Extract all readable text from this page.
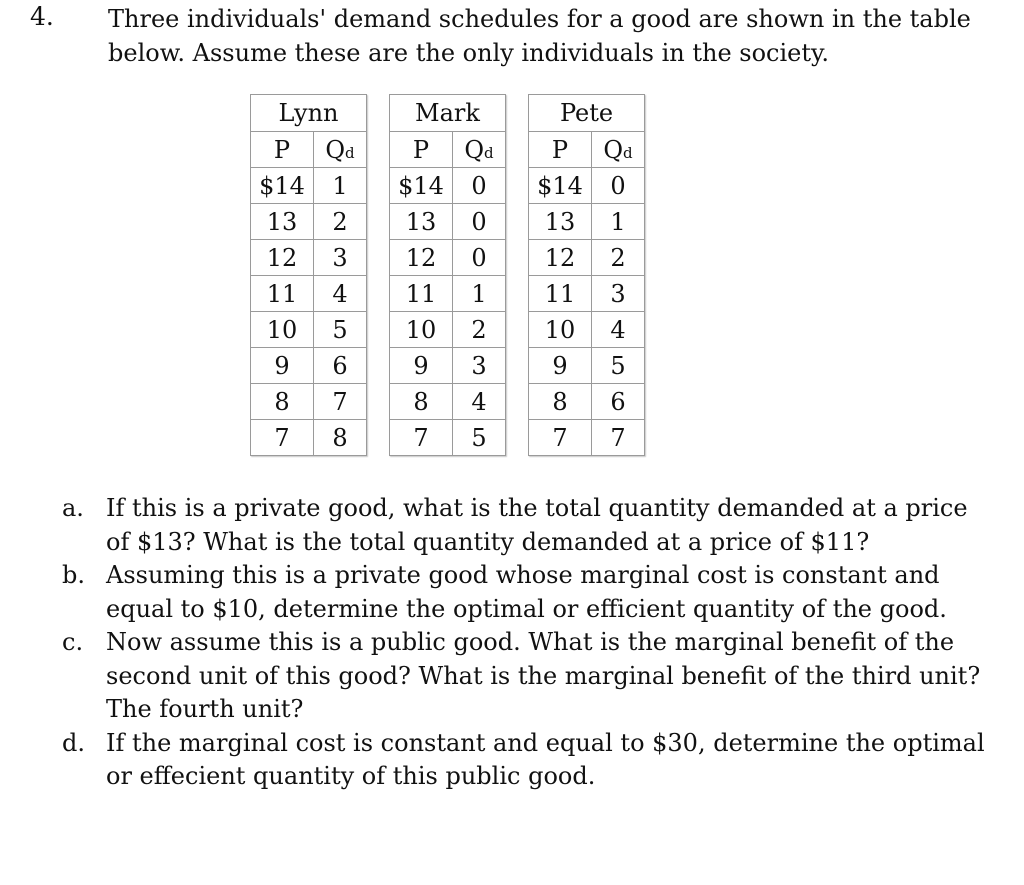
4. Three individuals' demand schedules for a good are shown in the table below. Assume these are the only individuals in the society.
Lynn	
P	Qd
$14	1
13	2
12	3
11	4
10	5
9	6
8	7
7	8
Mark	
P	Qd
$14	0
13	0
12	0
11	1
10	2
9	3
8	4
7	5
Pete	
P	Qd
$14	0
13	1
12	2
11	3
10	4
9	5
8	6
7	7
a. If this is a private good, what is the total quantity demanded at a price of $13? What is the total quantity demanded at a price of $11?
b. Assuming this is a private good whose marginal cost is constant and equal to $10, determine the optimal or efficient quantity of the good.
c. Now assume this is a public good. What is the marginal benefit of the second unit of this good? What is the marginal benefit of the third unit? The fourth unit?
d. If the marginal cost is constant and equal to $30, determine the optimal or effecient quantity of this public good.
